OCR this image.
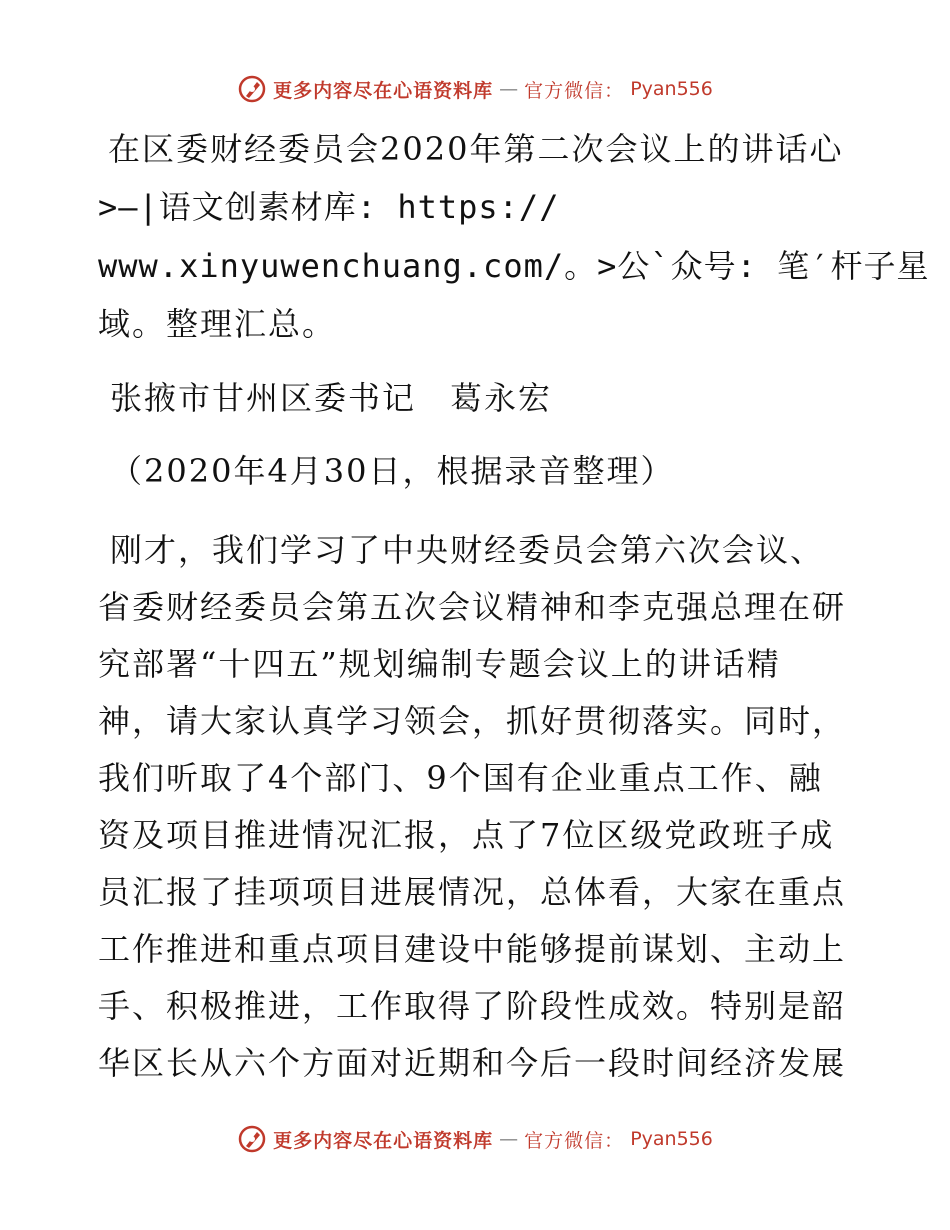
更多内容尽在心语资料库 — 官方微信： Pyan556

在区委财经委员会2020年第二次会议上的讲话心

>—|语文创素材库: https://

www.xinyuwenchuang.com/。>公`众号: 笔′杆子星

域。整理汇总。

张掖市甘州区委书记　葛永宏

（2020年4月30日，根据录音整理）

刚才，我们学习了中央财经委员会第六次会议、

省委财经委员会第五次会议精神和李克强总理在研

究部署“十四五”规划编制专题会议上的讲话精

神，请大家认真学习领会，抓好贯彻落实。同时，

我们听取了4个部门、9个国有企业重点工作、融

资及项目推进情况汇报，点了7位区级党政班子成

员汇报了挂项项目进展情况，总体看，大家在重点

工作推进和重点项目建设中能够提前谋划、主动上

手、积极推进，工作取得了阶段性成效。特别是韶

华区长从六个方面对近期和今后一段时间经济发展

更多内容尽在心语资料库 — 官方微信： Pyan556
